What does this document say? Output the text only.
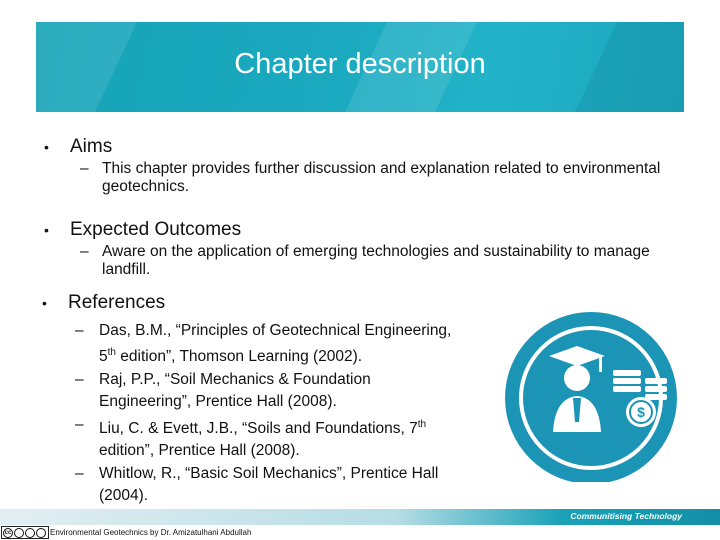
Chapter description
•	Aims
– This chapter provides further discussion and explanation related to environmental geotechnics.
•	Expected Outcomes
– Aware on the application of emerging technologies and sustainability to manage landfill.
•	References
– Das, B.M., “Principles of Geotechnical Engineering,
5th edition”, Thomson Learning (2002).
– Raj, P.P., “Soil Mechanics & Foundation
Engineering”, Prentice Hall (2008).
– Liu, C. & Evett, J.B., “Soils and Foundations, 7th
edition”, Prentice Hall (2008).
– Whitlow, R., “Basic Soil Mechanics”, Prentice Hall
(2004).
$
Communitising Technology
cc	Environmental Geotechnics by Dr. Amizatulhani Abdullah
